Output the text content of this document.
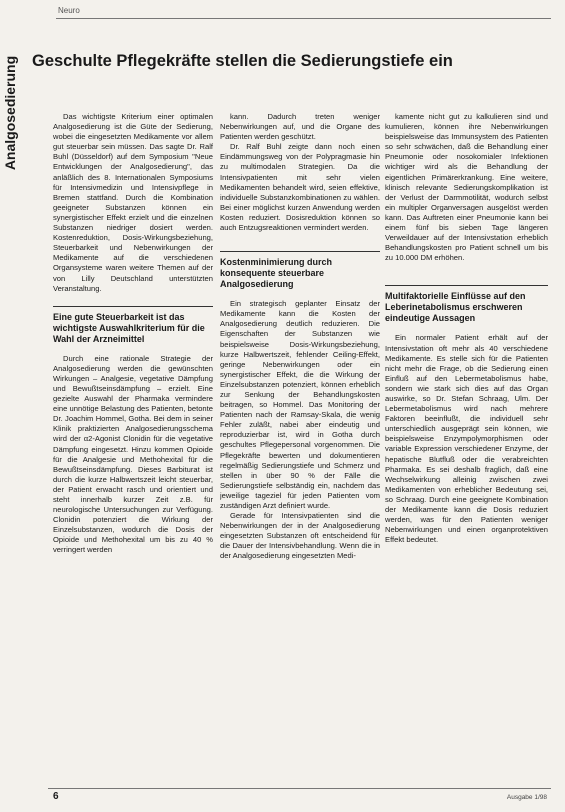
Neuro
Analgosedierung Geschulte Pflegekräfte stellen die Sedierungstiefe ein

Das wichtigste Kriterium einer optimalen Analgosedierung ist die Güte der Sedierung, wobei die eingesetzten Medikamente vor allem gut steuerbar sein müssen. Das sagte Dr. Ralf Buhl (Düsseldorf) auf dem Symposium "Neue Entwicklungen der Analgosedierung", das anläßlich des 8. Internationalen Symposiums für Intensivmedizin und Intensivpflege in Bremen stattfand. Durch die Kombination geeigneter Substanzen können ein synergistischer Effekt erzielt und die einzelnen Substanzen niedriger dosiert werden. Kostenreduktion, Dosis-Wirkungsbeziehung, Steuerbarkeit und Nebenwirkungen der Medikamente auf die verschiedenen Organsysteme waren weitere Themen auf der von Lilly Deutschland unterstützten Veranstaltung.

Eine gute Steuerbarkeit ist das wichtigste Auswahlkriterium für die Wahl der Arzneimittel

Durch eine rationale Strategie der Analgosedierung werden die gewünschten Wirkungen – Analgesie, vegetative Dämpfung und Bewußtseinsdämpfung – erzielt. Eine gezielte Auswahl der Pharmaka vermindere eine unnötige Belastung des Patienten, betonte Dr. Joachim Hommel, Gotha. Bei dem in seiner Klinik praktizierten Analgosedierungsschema wird der α2-Agonist Clonidin für die vegetative Dämpfung eingesetzt. Hinzu kommen Opioide für die Analgesie und Methohexital für die Bewußtseinsdämpfung. Dieses Barbiturat ist durch die kurze Halbwertszeit leicht steuerbar, der Patient erwacht rasch und orientiert und steht innerhalb kurzer Zeit z.B. für neurologische Untersuchungen zur Verfügung. Clonidin potenziert die Wirkung der Einzelsubstanzen, wodurch die Dosis der Opioide und Methohexital um bis zu 40 % verringert werden

kann. Dadurch treten weniger Nebenwirkungen auf, und die Organe des Patienten werden geschützt.

Dr. Ralf Buhl zeigte dann noch einen Eindämmungsweg von der Polypragmasie hin zu multimodalen Strategien. Da die Intensivpatienten mit sehr vielen Medikamenten behandelt wird, seien effektive, individuelle Substanzkombinationen zu wählen. Bei einer möglichst kurzen Anwendung werden Kosten reduziert. Dosisreduktion können so auch Entzugsreaktionen vermindert werden.

Kostenminimierung durch konsequente steuerbare Analgosedierung

Ein strategisch geplanter Einsatz der Medikamente kann die Kosten der Analgosedierung deutlich reduzieren. Die Eigenschaften der Substanzen wie beispielsweise Dosis-Wirkungsbeziehung, kurze Halbwertszeit, fehlender Ceiling-Effekt, geringe Nebenwirkungen oder ein synergistischer Effekt, die die Wirkung der Einzelsubstanzen potenziert, können erheblich zur Senkung der Behandlungskosten beitragen, so Hommel. Das Monitoring der Patienten nach der Ramsay-Skala, die wenig Fehler zuläßt, nabei aber eindeutig und reproduzierbar ist, wird in Gotha durch geschultes Pflegepersonal vorgenommen. Die Pflegekräfte bewerten und dokumentieren regelmäßig Sedierungstiefe und Schmerz und stellen in über 90 % der Fälle die Sedierungstiefe selbständig ein, nachdem das jeweilige tageziel für jeden Patienten vom zuständigen Arzt definiert wurde.

Gerade für Intensivpatienten sind die Nebenwirkungen der in der Analgosedierung eingesetzten Substanzen oft entscheidend für die Dauer der Intensivbehandlung. Wenn die in der Analgosedierung eingesetzten Medi-

kamente nicht gut zu kalkulieren sind und kumulieren, können ihre Nebenwirkungen beispielsweise das Immunsystem des Patienten so sehr schwächen, daß die Behandlung einer Pneumonie oder nosokomialer Infektionen wichtiger wird als die Behandlung der eigentlichen Primärerkrankung. Eine weitere, klinisch relevante Sedierungskomplikation ist der Verlust der Darmmotilität, wodurch selbst ein multipler Organversagen ausgelöst werden kann. Das Auftreten einer Pneumonie kann bei einem fünf bis sieben Tage längeren Verweildauer auf der Intensivstation erheblich Behandlungskosten pro Patient schnell um bis zu 10.000 DM erhöhen.

Multifaktorielle Einflüsse auf den Leberinetabolismus erschweren eindeutige Aussagen

Ein normaler Patient erhält auf der Intensivstation oft mehr als 40 verschiedene Medikamente. Es stelle sich für die Patienten nicht mehr die Frage, ob die Sedierung einen Einfluß auf den Lebermetabolismus habe, sondern wie stark sich dies auf das Organ auswirke, so Dr. Stefan Schraag, Ulm. Der Lebermetabolismus wird nach mehrere Faktoren beeinflußt, die individuell sehr unterschiedlich ausgeprägt sein können, wie beispielsweise Enzympolymorphismen oder variable Expression verschiedener Enzyme, der hepatische Blutfluß oder die verabreichten Pharmaka. Es sei deshalb fraglich, daß eine Wechselwirkung alleinig zwischen zwei Medikamenten von erheblicher Bedeutung sei, so Schraag. Durch eine geeignete Kombination der Medikamente kann die Dosis reduziert werden, was für den Patienten weniger Nebenwirkungen und einen organprotektiven Effekt bedeutet.

6	Ausgabe 1/98
